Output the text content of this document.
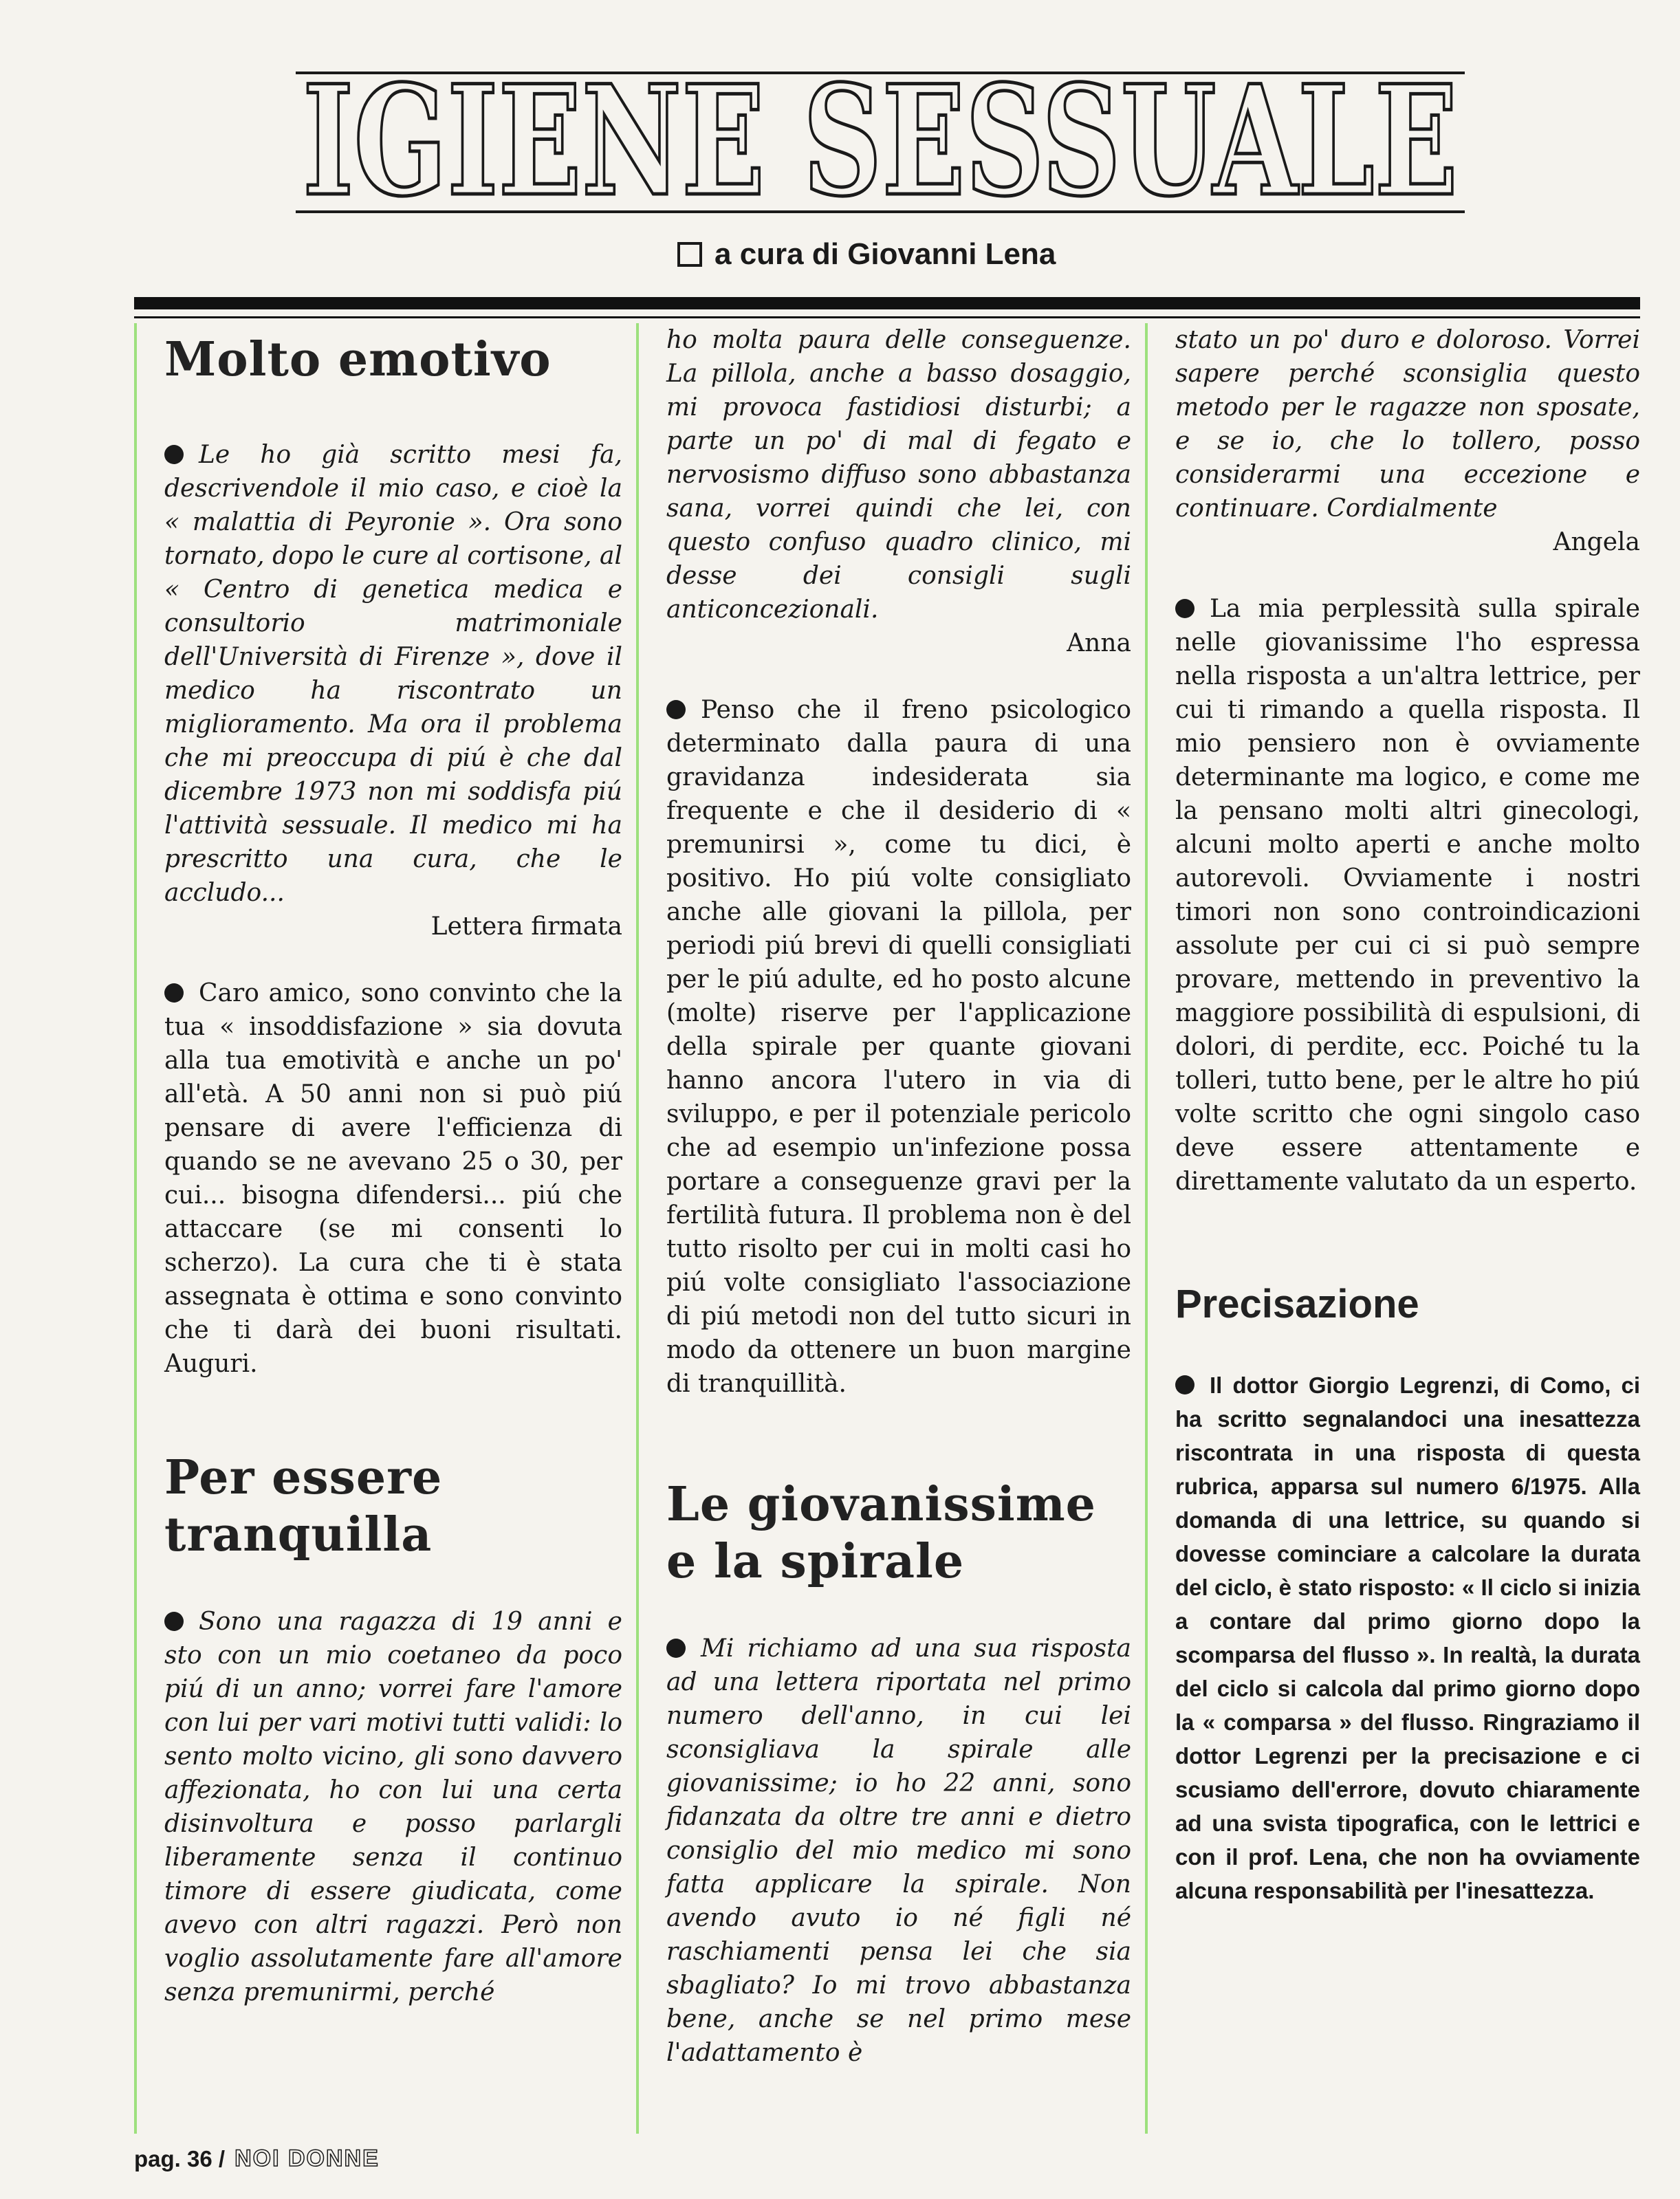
IGIENE SESSUALE
a cura di Giovanni Lena
Molto emotivo

Le ho già scritto mesi fa, descrivendole il mio caso, e cioè la « malattia di Peyronie ». Ora sono tornato, dopo le cure al cortisone, al « Centro di genetica medica e consultorio matrimoniale dell'Università di Firenze », dove il medico ha riscontrato un miglioramento. Ma ora il problema che mi preoccupa di piú è che dal dicembre 1973 non mi soddisfa piú l'attività sessuale. Il medico mi ha prescritto una cura, che le accludo...

Lettera firmata

Caro amico, sono convinto che la tua « insoddisfazione » sia dovuta alla tua emotività e anche un po' all'età. A 50 anni non si può piú pensare di avere l'efficienza di quando se ne avevano 25 o 30, per cui... bisogna difendersi... piú che attaccare (se mi consenti lo scherzo). La cura che ti è stata assegnata è ottima e sono convinto che ti darà dei buoni risultati. Auguri.

Per essere tranquilla

Sono una ragazza di 19 anni e sto con un mio coetaneo da poco piú di un anno; vorrei fare l'amore con lui per vari motivi tutti validi: lo sento molto vicino, gli sono davvero affezionata, ho con lui una certa disinvoltura e posso parlargli liberamente senza il continuo timore di essere giudicata, come avevo con altri ragazzi. Però non voglio assolutamente fare all'amore senza premunirmi, perché

ho molta paura delle conseguenze. La pillola, anche a basso dosaggio, mi provoca fastidiosi disturbi; a parte un po' di mal di fegato e nervosismo diffuso sono abbastanza sana, vorrei quindi che lei, con questo confuso quadro clinico, mi desse dei consigli sugli anticoncezionali.

Anna

Penso che il freno psicologico determinato dalla paura di una gravidanza indesiderata sia frequente e che il desiderio di « premunirsi », come tu dici, è positivo. Ho piú volte consigliato anche alle giovani la pillola, per periodi piú brevi di quelli consigliati per le piú adulte, ed ho posto alcune (molte) riserve per l'applicazione della spirale per quante giovani hanno ancora l'utero in via di sviluppo, e per il potenziale pericolo che ad esempio un'infezione possa portare a conseguenze gravi per la fertilità futura. Il problema non è del tutto risolto per cui in molti casi ho piú volte consigliato l'associazione di piú metodi non del tutto sicuri in modo da ottenere un buon margine di tranquillità.

Le giovanissime e la spirale

Mi richiamo ad una sua risposta ad una lettera riportata nel primo numero dell'anno, in cui lei sconsigliava la spirale alle giovanissime; io ho 22 anni, sono fidanzata da oltre tre anni e dietro consiglio del mio medico mi sono fatta applicare la spirale. Non avendo avuto io né figli né raschiamenti pensa lei che sia sbagliato? Io mi trovo abbastanza bene, anche se nel primo mese l'adattamento è

stato un po' duro e doloroso. Vorrei sapere perché sconsiglia questo metodo per le ragazze non sposate, e se io, che lo tollero, posso considerarmi una eccezione e continuare. Cordialmente

Angela

La mia perplessità sulla spirale nelle giovanissime l'ho espressa nella risposta a un'altra lettrice, per cui ti rimando a quella risposta. Il mio pensiero non è ovviamente determinante ma logico, e come me la pensano molti altri ginecologi, alcuni molto aperti e anche molto autorevoli. Ovviamente i nostri timori non sono controindicazioni assolute per cui ci si può sempre provare, mettendo in preventivo la maggiore possibilità di espulsioni, di dolori, di perdite, ecc. Poiché tu la tolleri, tutto bene, per le altre ho piú volte scritto che ogni singolo caso deve essere attentamente e direttamente valutato da un esperto.

Precisazione

Il dottor Giorgio Legrenzi, di Como, ci ha scritto segnalandoci una inesattezza riscontrata in una risposta di questa rubrica, apparsa sul numero 6/1975. Alla domanda di una lettrice, su quando si dovesse cominciare a calcolare la durata del ciclo, è stato risposto: « Il ciclo si inizia a contare dal primo giorno dopo la scomparsa del flusso ». In realtà, la durata del ciclo si calcola dal primo giorno dopo la « comparsa » del flusso. Ringraziamo il dottor Legrenzi per la precisazione e ci scusiamo dell'errore, dovuto chiaramente ad una svista tipografica, con le lettrici e con il prof. Lena, che non ha ovviamente alcuna responsabilità per l'inesattezza.

pag. 36 / NOI DONNE
